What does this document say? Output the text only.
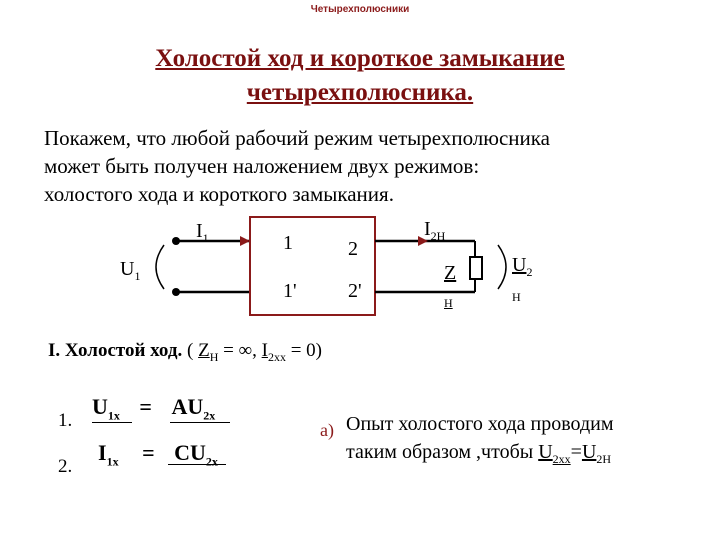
Четырехполюсники
Холостой ход и короткое замыкание
четырехполюсника.
Покажем, что любой рабочий режим четырехполюсника
может быть получен наложением двух режимов:
холостого хода и короткого замыкания.
$I_1$
$U_1$
1
1'
2
2'
$I_{2Н}$
Z
Н
$U_2$
Н
I. Холостой ход. ( $Z_Н$ = ∞, $I_{2хх} = 0$)
1.
$U_{1x} = AU_{2x}$
2.
$I_{1x} = CU_{2x}$
а) Опыт холостого хода проводим
таким образом ,чтобы $U_{2хх}=U_{2Н}$
